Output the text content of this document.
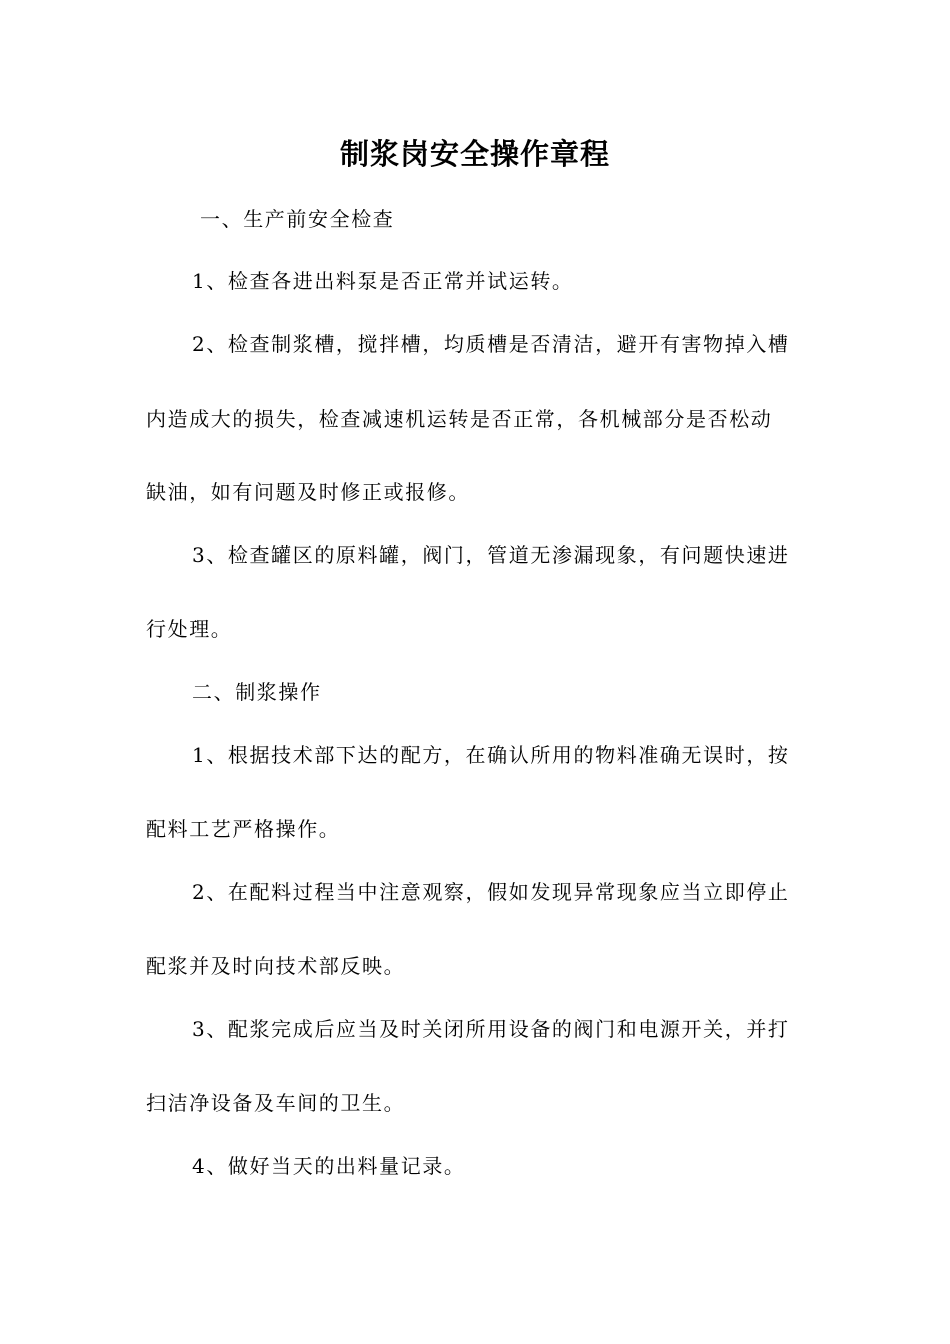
制浆岗安全操作章程
一、生产前安全检查
1、检查各进出料泵是否正常并试运转。
2、检查制浆槽，搅拌槽，均质槽是否清洁，避开有害物掉入槽
内造成大的损失，检查减速机运转是否正常，各机械部分是否松动
缺油，如有问题及时修正或报修。
3、检查罐区的原料罐，阀门，管道无渗漏现象，有问题快速进
行处理。
二、制浆操作
1、根据技术部下达的配方，在确认所用的物料准确无误时，按
配料工艺严格操作。
2、在配料过程当中注意观察，假如发现异常现象应当立即停止
配浆并及时向技术部反映。
3、配浆完成后应当及时关闭所用设备的阀门和电源开关，并打
扫洁净设备及车间的卫生。
4、做好当天的出料量记录。
